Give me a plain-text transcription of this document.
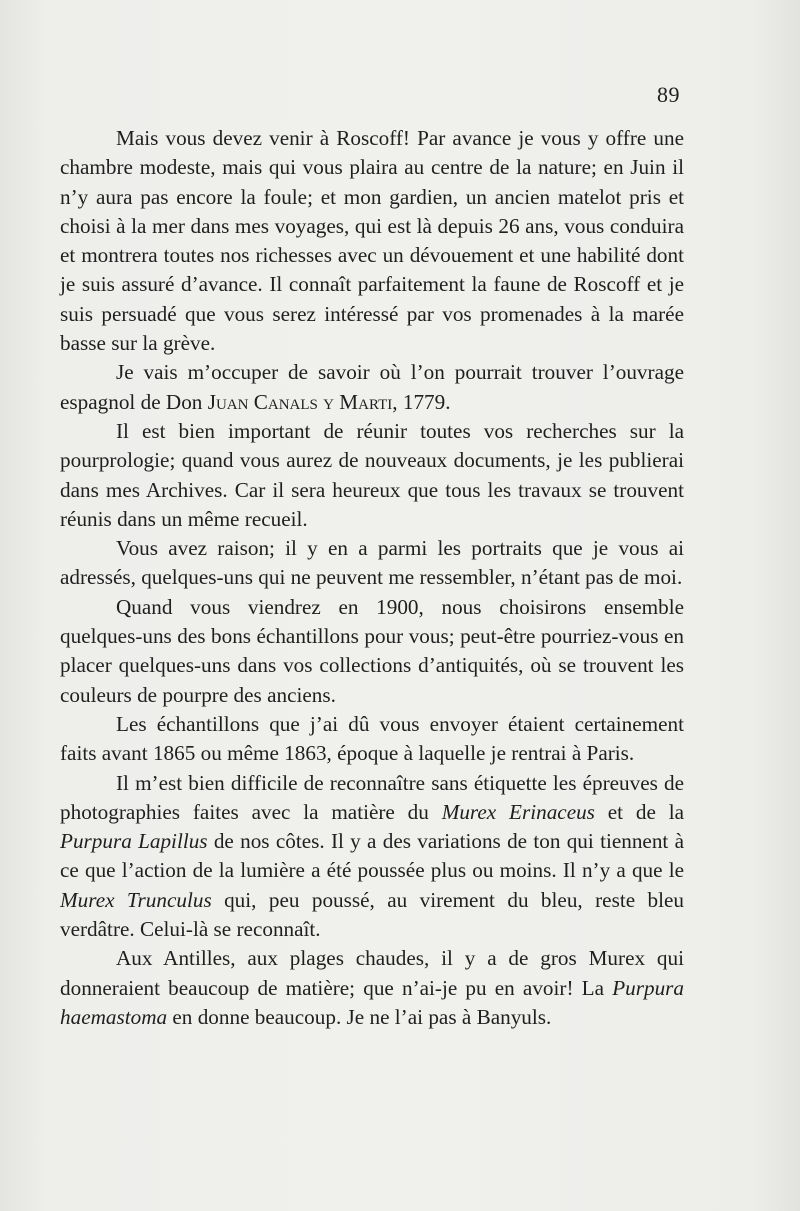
89

Mais vous devez venir à Roscoff! Par avance je vous y offre une chambre modeste, mais qui vous plaira au centre de la nature; en Juin il n’y aura pas encore la foule; et mon gardien, un ancien matelot pris et choisi à la mer dans mes voyages, qui est là depuis 26 ans, vous conduira et montrera toutes nos richesses avec un dévouement et une habilité dont je suis assuré d’avance. Il connaît parfaitement la faune de Roscoff et je suis persuadé que vous serez intéressé par vos promenades à la marée basse sur la grève.

Je vais m’occuper de savoir où l’on pourrait trouver l’ouvrage espagnol de Don Juan Canals y Marti, 1779.

Il est bien important de réunir toutes vos recherches sur la pourprologie; quand vous aurez de nouveaux documents, je les publierai dans mes Archives. Car il sera heureux que tous les travaux se trouvent réunis dans un même recueil.

Vous avez raison; il y en a parmi les portraits que je vous ai adressés, quelques-uns qui ne peuvent me ressembler, n’étant pas de moi.

Quand vous viendrez en 1900, nous choisirons ensemble quelques-uns des bons échantillons pour vous; peut-être pourriez-vous en placer quelques-uns dans vos collections d’antiquités, où se trouvent les couleurs de pourpre des anciens.

Les échantillons que j’ai dû vous envoyer étaient certainement faits avant 1865 ou même 1863, époque à laquelle je rentrai à Paris.

Il m’est bien difficile de reconnaître sans étiquette les épreuves de photographies faites avec la matière du Murex Erinaceus et de la Purpura Lapillus de nos côtes. Il y a des variations de ton qui tiennent à ce que l’action de la lumière a été poussée plus ou moins. Il n’y a que le Murex Trunculus qui, peu poussé, au virement du bleu, reste bleu verdâtre. Celui-là se reconnaît.

Aux Antilles, aux plages chaudes, il y a de gros Murex qui donneraient beaucoup de matière; que n’ai-je pu en avoir! La Purpura haemastoma en donne beaucoup. Je ne l’ai pas à Banyuls.
